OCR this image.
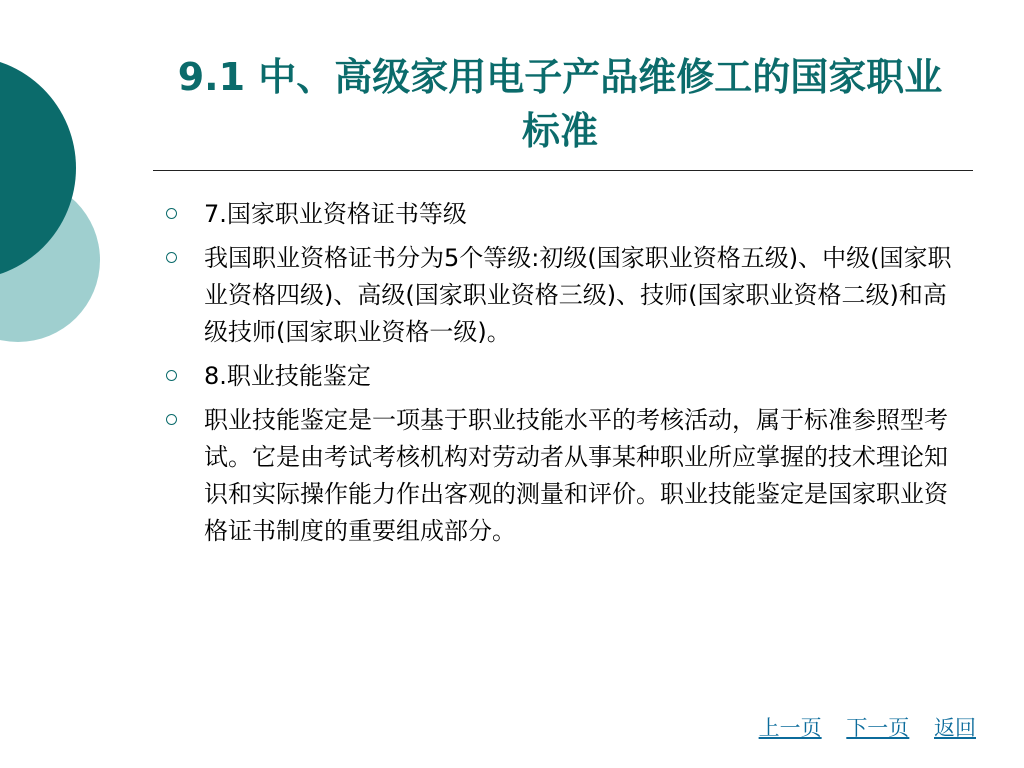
9.1 中、高级家用电子产品维修工的国家职业标准
7.国家职业资格证书等级
我国职业资格证书分为5个等级:初级(国家职业资格五级)、中级(国家职业资格四级)、高级(国家职业资格三级)、技师(国家职业资格二级)和高级技师(国家职业资格一级)。
8.职业技能鉴定
职业技能鉴定是一项基于职业技能水平的考核活动，属于标准参照型考试。它是由考试考核机构对劳动者从事某种职业所应掌握的技术理论知识和实际操作能力作出客观的测量和评价。职业技能鉴定是国家职业资格证书制度的重要组成部分。
上一页 下一页 返回
